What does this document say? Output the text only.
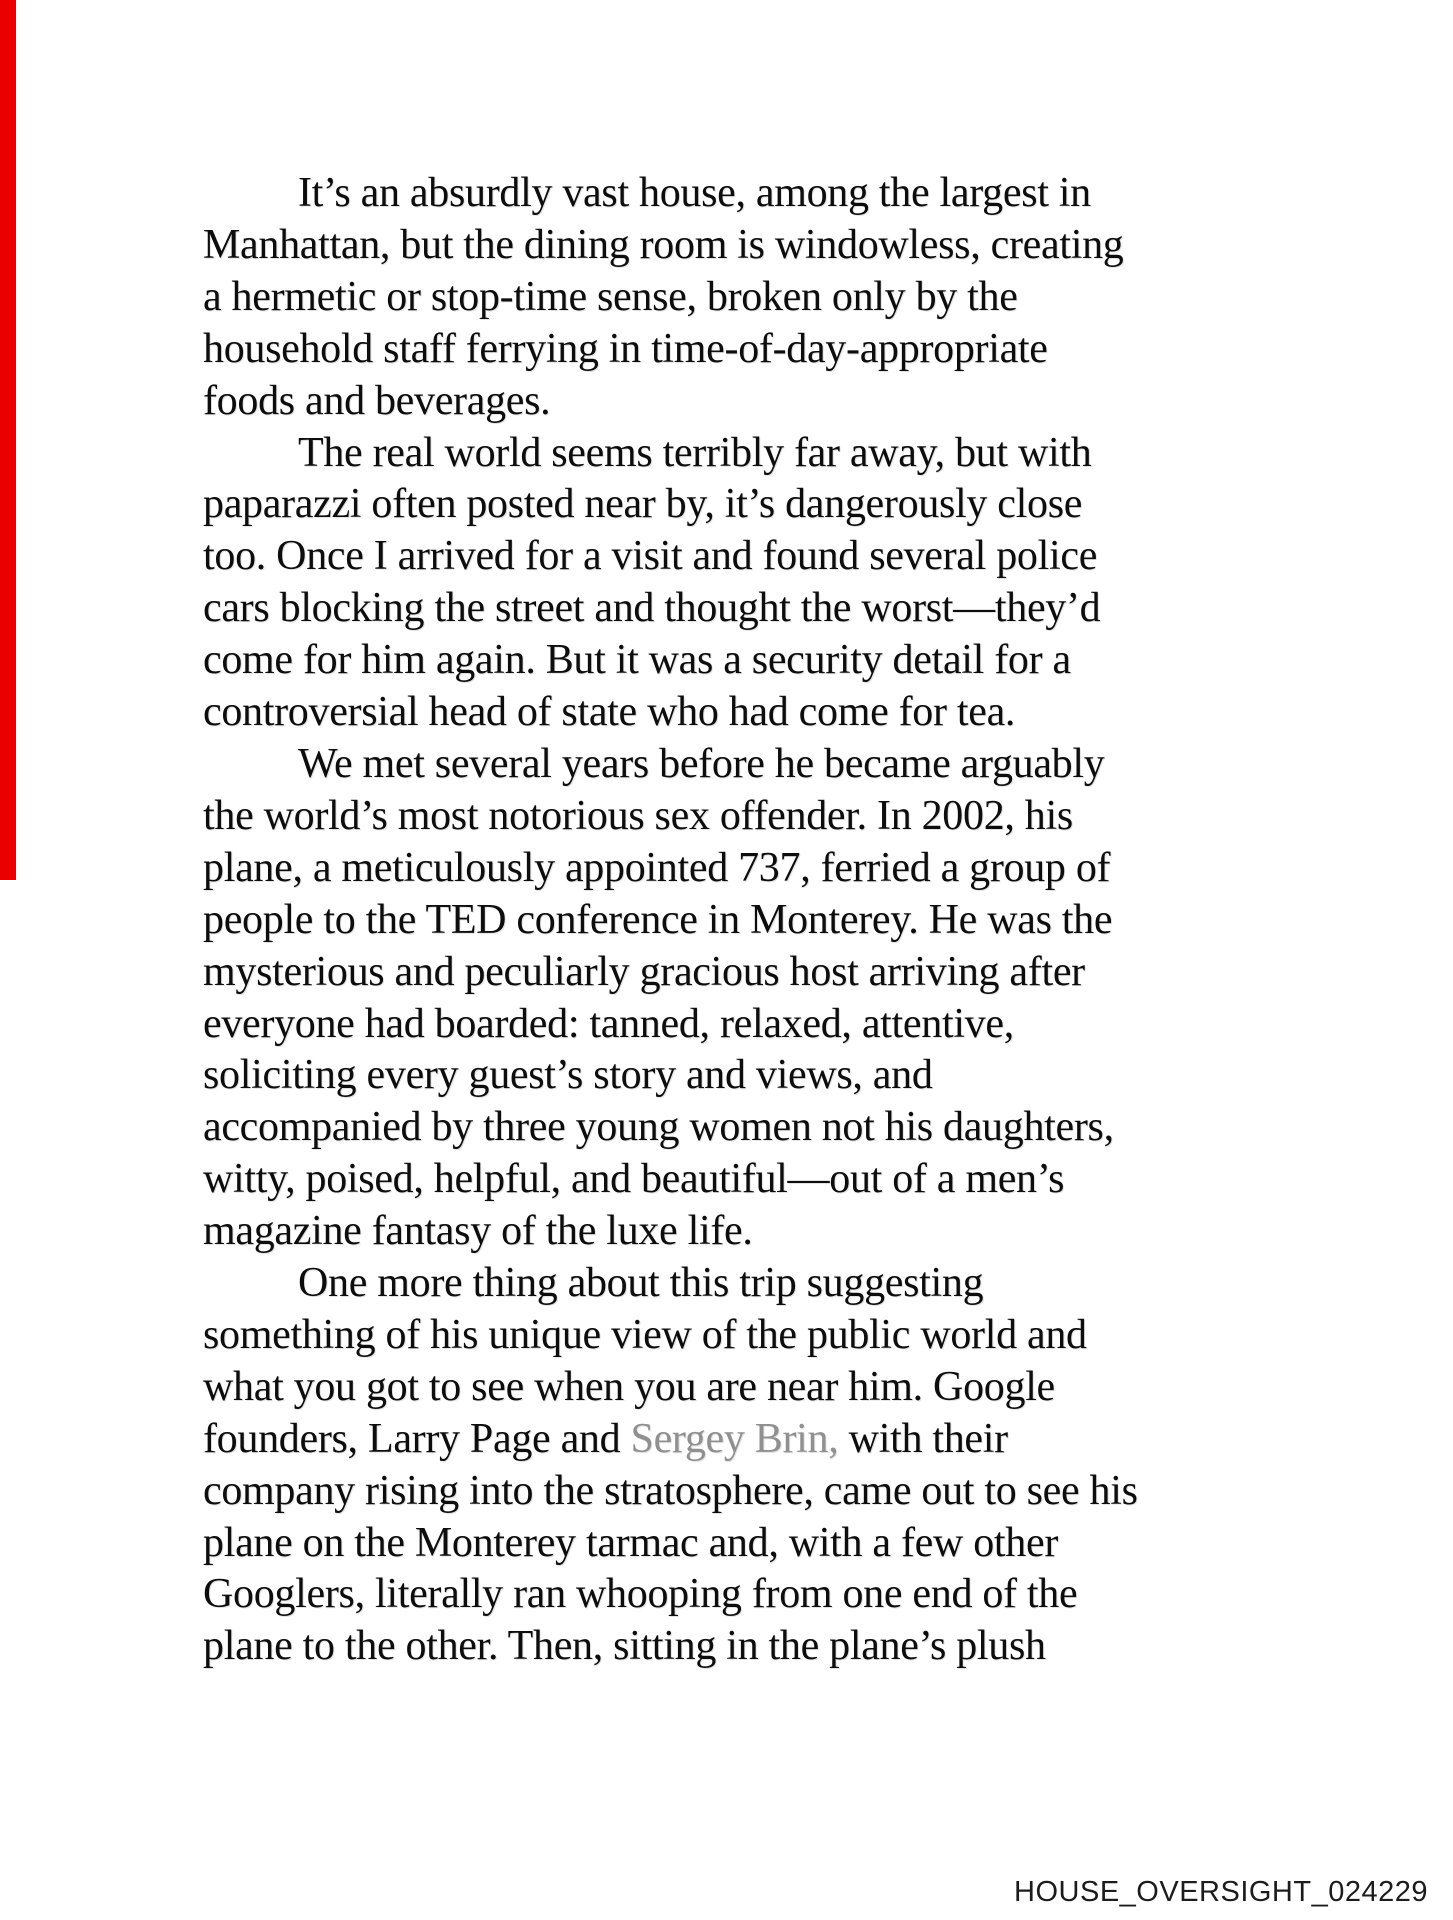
It’s an absurdly vast house, among the largest in
Manhattan, but the dining room is windowless, creating
a hermetic or stop-time sense, broken only by the
household staff ferrying in time-of-day-appropriate
foods and beverages.
The real world seems terribly far away, but with
paparazzi often posted near by, it’s dangerously close
too. Once I arrived for a visit and found several police
cars blocking the street and thought the worst—they’d
come for him again. But it was a security detail for a
controversial head of state who had come for tea.
We met several years before he became arguably
the world’s most notorious sex offender. In 2002, his
plane, a meticulously appointed 737, ferried a group of
people to the TED conference in Monterey. He was the
mysterious and peculiarly gracious host arriving after
everyone had boarded: tanned, relaxed, attentive,
soliciting every guest’s story and views, and
accompanied by three young women not his daughters,
witty, poised, helpful, and beautiful—out of a men’s
magazine fantasy of the luxe life.
One more thing about this trip suggesting
something of his unique view of the public world and
what you got to see when you are near him. Google
founders, Larry Page and Sergey Brin, with their
company rising into the stratosphere, came out to see his
plane on the Monterey tarmac and, with a few other
Googlers, literally ran whooping from one end of the
plane to the other. Then, sitting in the plane’s plush
HOUSE_OVERSIGHT_024229
